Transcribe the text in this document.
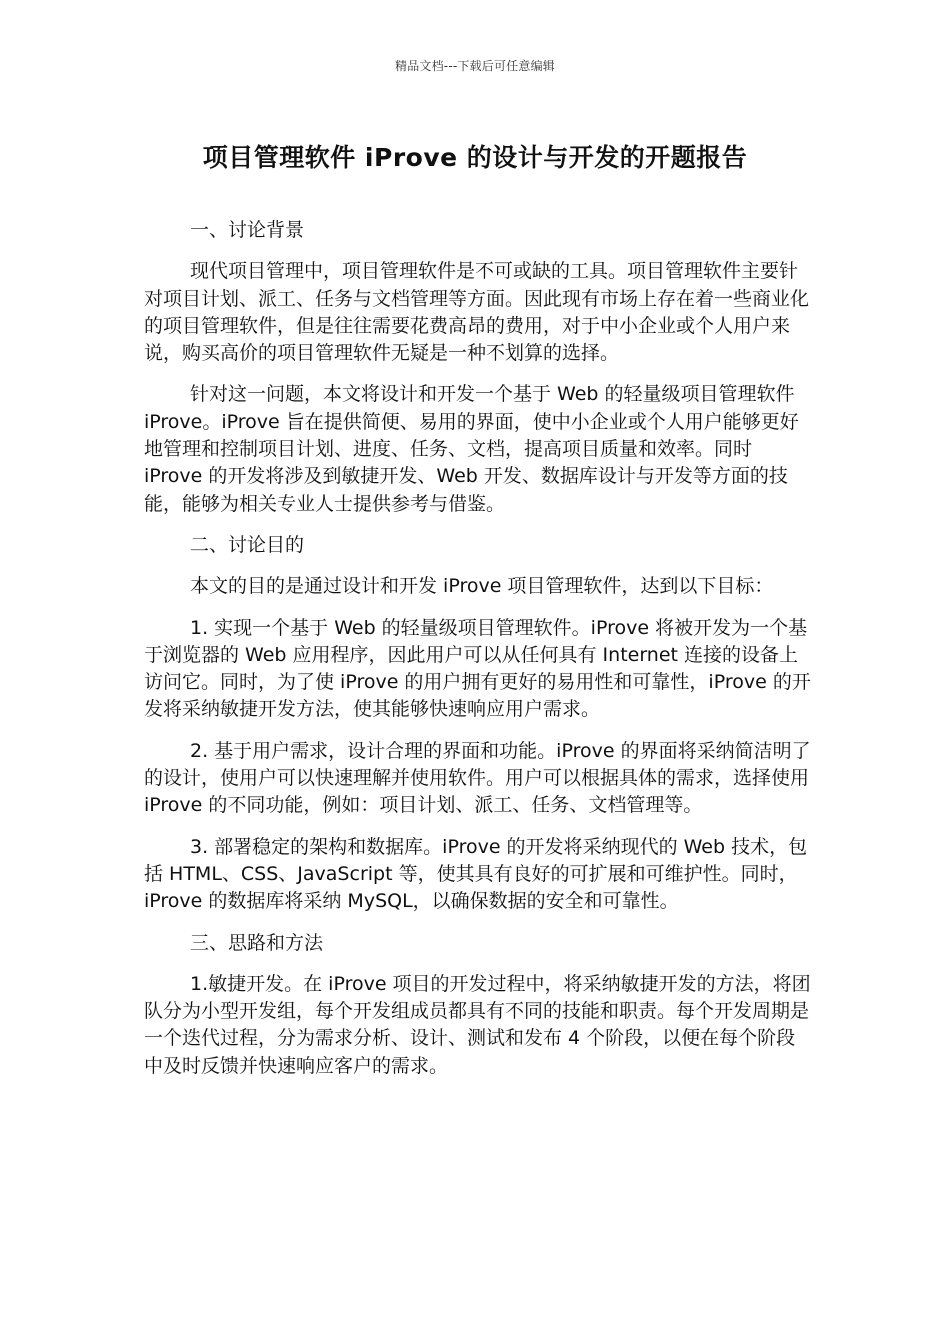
精品文档---下载后可任意编辑
项目管理软件 iProve 的设计与开发的开题报告

一、讨论背景

现代项目管理中，项目管理软件是不可或缺的工具。项目管理软件主要针对项目计划、派工、任务与文档管理等方面。因此现有市场上存在着一些商业化的项目管理软件，但是往往需要花费高昂的费用，对于中小企业或个人用户来说，购买高价的项目管理软件无疑是一种不划算的选择。

针对这一问题，本文将设计和开发一个基于 Web 的轻量级项目管理软件 iProve。iProve 旨在提供简便、易用的界面，使中小企业或个人用户能够更好地管理和控制项目计划、进度、任务、文档，提高项目质量和效率。同时 iProve 的开发将涉及到敏捷开发、Web 开发、数据库设计与开发等方面的技能，能够为相关专业人士提供参考与借鉴。

二、讨论目的

本文的目的是通过设计和开发 iProve 项目管理软件，达到以下目标：

1. 实现一个基于 Web 的轻量级项目管理软件。iProve 将被开发为一个基于浏览器的 Web 应用程序，因此用户可以从任何具有 Internet 连接的设备上访问它。同时，为了使 iProve 的用户拥有更好的易用性和可靠性，iProve 的开发将采纳敏捷开发方法，使其能够快速响应用户需求。

2. 基于用户需求，设计合理的界面和功能。iProve 的界面将采纳简洁明了的设计，使用户可以快速理解并使用软件。用户可以根据具体的需求，选择使用 iProve 的不同功能，例如：项目计划、派工、任务、文档管理等。

3. 部署稳定的架构和数据库。iProve 的开发将采纳现代的 Web 技术，包括 HTML、CSS、JavaScript 等，使其具有良好的可扩展和可维护性。同时，iProve 的数据库将采纳 MySQL，以确保数据的安全和可靠性。

三、思路和方法

1.敏捷开发。在 iProve 项目的开发过程中，将采纳敏捷开发的方法，将团队分为小型开发组，每个开发组成员都具有不同的技能和职责。每个开发周期是一个迭代过程，分为需求分析、设计、测试和发布 4 个阶段，以便在每个阶段中及时反馈并快速响应客户的需求。
